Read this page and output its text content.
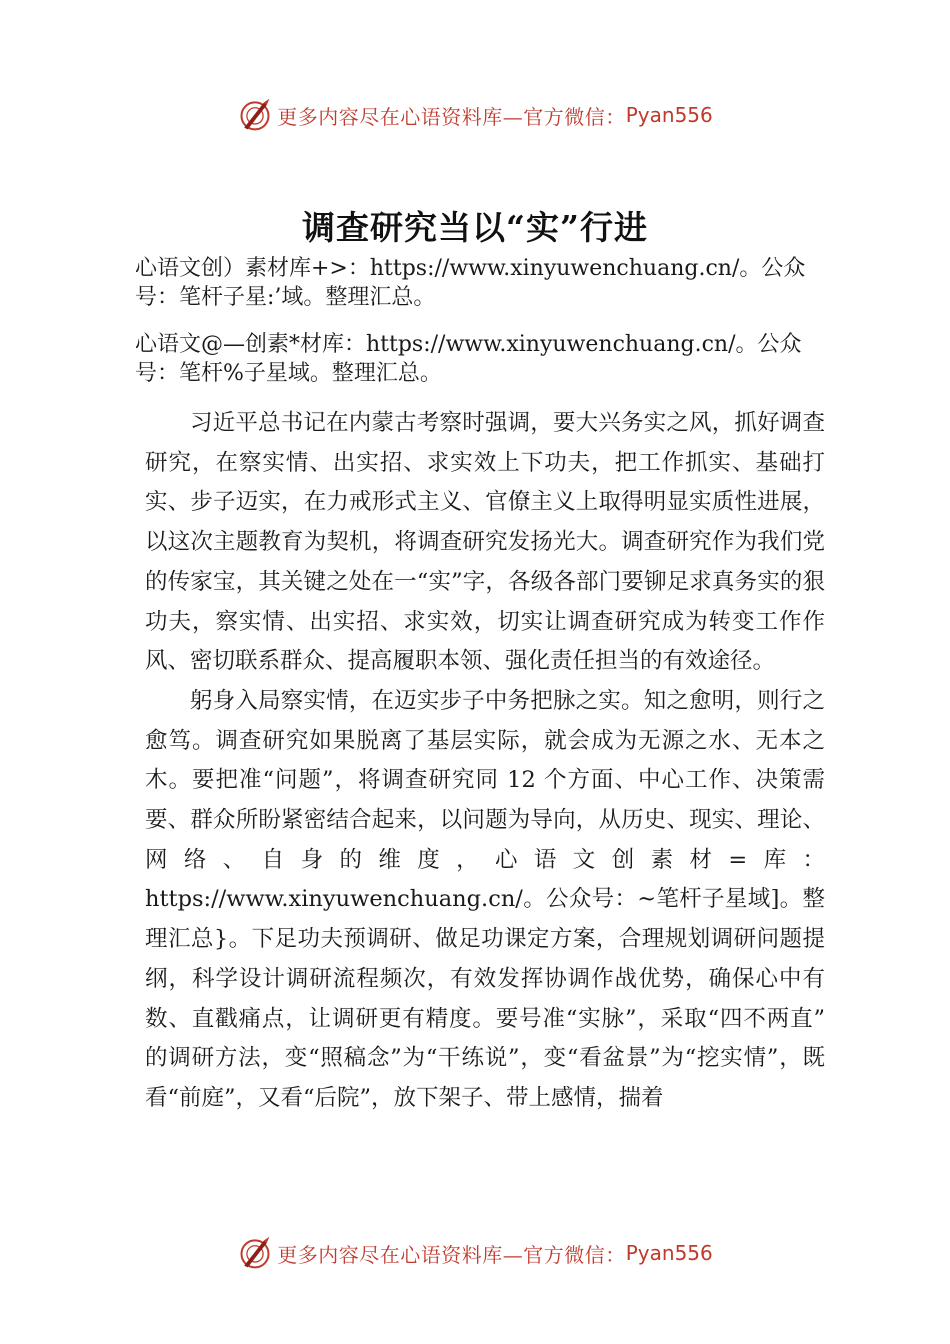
更多内容尽在心语资料库—官方微信： Pyan556
调查研究当以“实”行进
心语文创）素材库+>：https://www.xinyuwenchuang.cn/。公众号：笔杆子星:’域。整理汇总。
心语文@—创素*材库：https://www.xinyuwenchuang.cn/。公众号：笔杆%子星域。整理汇总。

习近平总书记在内蒙古考察时强调，要大兴务实之风，抓好调查研究，在察实情、出实招、求实效上下功夫，把工作抓实、基础打实、步子迈实，在力戒形式主义、官僚主义上取得明显实质性进展，以这次主题教育为契机，将调查研究发扬光大。调查研究作为我们党的传家宝，其关键之处在一“实”字，各级各部门要铆足求真务实的狠功夫，察实情、出实招、求实效，切实让调查研究成为转变工作作风、密切联系群众、提高履职本领、强化责任担当的有效途径。

躬身入局察实情，在迈实步子中务把脉之实。知之愈明，则行之愈笃。调查研究如果脱离了基层实际，就会成为无源之水、无本之木。要把准“问题”，将调查研究同 12 个方面、中心工作、决策需要、群众所盼紧密结合起来，以问题为导向，从历史、现实、理论、网络、自身的维度，心语文创素材=库：https://www.xinyuwenchuang.cn/。公众号：~笔杆子星域]。整理汇总}。下足功夫预调研、做足功课定方案，合理规划调研问题提纲，科学设计调研流程频次，有效发挥协调作战优势，确保心中有数、直戳痛点，让调研更有精度。要号准“实脉”，采取“四不两直” 的调研方法，变“照稿念”为“干练说”，变“看盆景”为“挖实情”，既看“前庭”，又看“后院”，放下架子、带上感情，揣着

更多内容尽在心语资料库—官方微信： Pyan556
